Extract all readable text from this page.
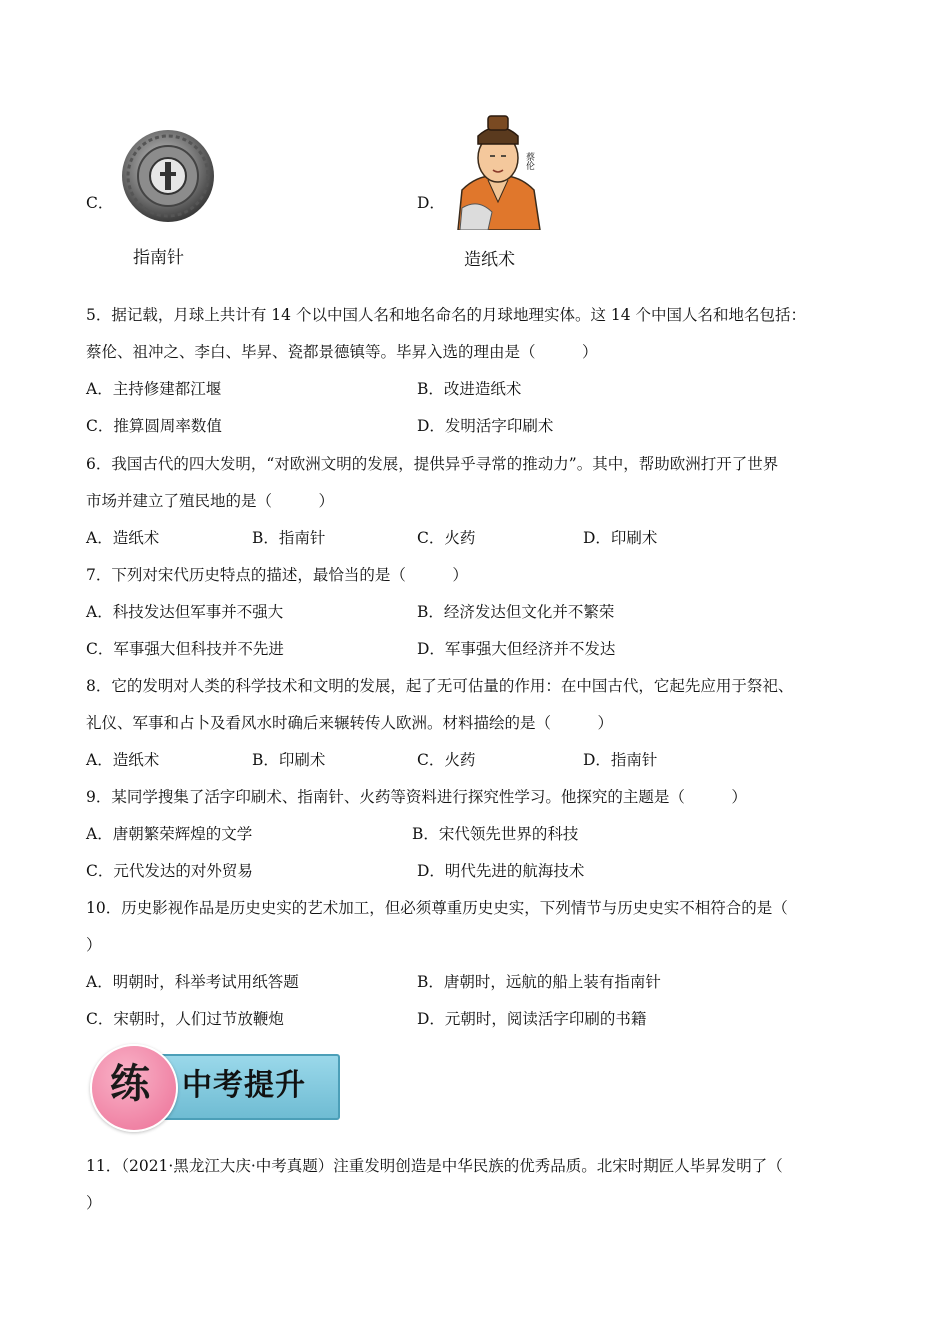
C．
指南针
D．
蔡伦
造纸术
5．据记载，月球上共计有 14 个以中国人名和地名命名的月球地理实体。这 14 个中国人名和地名包括：
蔡伦、祖冲之、李白、毕昇、瓷都景德镇等。毕昇入选的理由是（　　　）
A．主持修建都江堰	B．改进造纸术
C．推算圆周率数值	D．发明活字印刷术
6．我国古代的四大发明，“对欧洲文明的发展，提供异乎寻常的推动力”。其中，帮助欧洲打开了世界
市场并建立了殖民地的是（　　　）
A．造纸术	B．指南针	C．火药	D．印刷术
7．下列对宋代历史特点的描述，最恰当的是（　　　）
A．科技发达但军事并不强大	B．经济发达但文化并不繁荣
C．军事强大但科技并不先进	D．军事强大但经济并不发达
8．它的发明对人类的科学技术和文明的发展，起了无可估量的作用：在中国古代，它起先应用于祭祀、
礼仪、军事和占卜及看风水时确后来辗转传人欧洲。材料描绘的是（　　　）
A．造纸术	B．印刷术	C．火药	D．指南针
9．某同学搜集了活字印刷术、指南针、火药等资料进行探究性学习。他探究的主题是（　　　）
A．唐朝繁荣辉煌的文学	B．宋代领先世界的科技
C．元代发达的对外贸易	D．明代先进的航海技术
10．历史影视作品是历史史实的艺术加工，但必须尊重历史史实，下列情节与历史史实不相符合的是（
）
A．明朝时，科举考试用纸答题	B．唐朝时，远航的船上装有指南针
C．宋朝时，人们过节放鞭炮	D．元朝时，阅读活字印刷的书籍
练 中考提升
11．（2021·黑龙江大庆·中考真题）注重发明创造是中华民族的优秀品质。北宋时期匠人毕昇发明了（
）
